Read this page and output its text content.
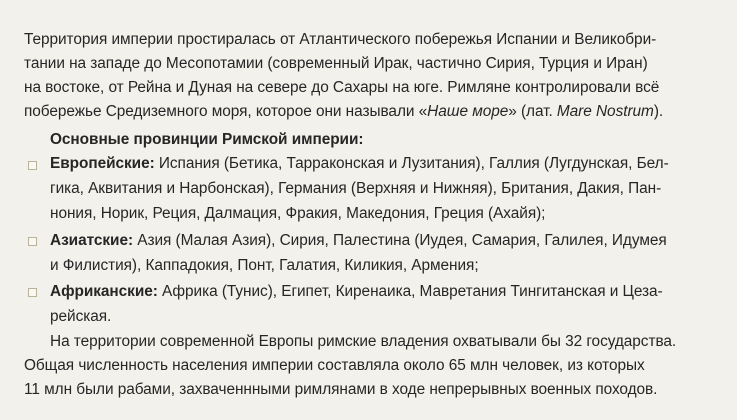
Территория империи простиралась от Атлантического побережья Испании и Великобри-
тании на западе до Месопотамии (современный Ирак, частично Сирия, Турция и Иран)
на востоке, от Рейна и Дуная на севере до Сахары на юге. Римляне контролировали всё
побережье Средиземного моря, которое они называли «Наше море» (лат. Mare Nostrum).
Основные провинции Римской империи:
Европейские: Испания (Бетика, Тарраконская и Лузитания), Галлия (Лугдунская, Бел-
гика, Аквитания и Нарбонская), Германия (Верхняя и Нижняя), Британия, Дакия, Пан-
нония, Норик, Реция, Далмация, Фракия, Македония, Греция (Ахайя);
Азиатские: Азия (Малая Азия), Сирия, Палестина (Иудея, Самария, Галилея, Идумея
и Филистия), Каппадокия, Понт, Галатия, Киликия, Армения;
Африканские: Африка (Тунис), Египет, Киренаика, Мавретания Тингитанская и Цеза-
рейская.
На территории современной Европы римские владения охватывали бы 32 государства.
Общая численность населения империи составляла около 65 млн человек, из которых
11 млн были рабами, захваченнными римлянами в ходе непрерывных военных походов.
